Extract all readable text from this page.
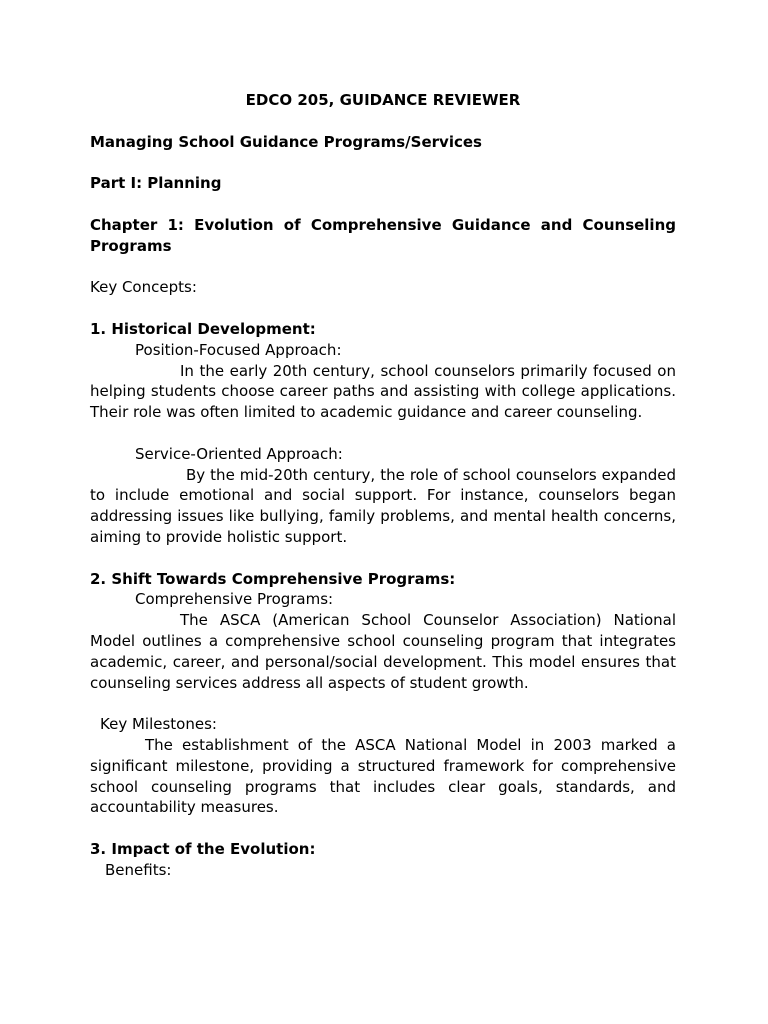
EDCO 205, GUIDANCE REVIEWER

Managing School Guidance Programs/Services

Part I: Planning

Chapter 1: Evolution of Comprehensive Guidance and Counseling Programs

Key Concepts:

1. Historical Development:

Position-Focused Approach:

In the early 20th century, school counselors primarily focused on helping students choose career paths and assisting with college applications. Their role was often limited to academic guidance and career counseling.

Service-Oriented Approach:

By the mid-20th century, the role of school counselors expanded to include emotional and social support. For instance, counselors began addressing issues like bullying, family problems, and mental health concerns, aiming to provide holistic support.

2. Shift Towards Comprehensive Programs:

Comprehensive Programs:

The ASCA (American School Counselor Association) National Model outlines a comprehensive school counseling program that integrates academic, career, and personal/social development. This model ensures that counseling services address all aspects of student growth.

Key Milestones:

The establishment of the ASCA National Model in 2003 marked a significant milestone, providing a structured framework for comprehensive school counseling programs that includes clear goals, standards, and accountability measures.

3. Impact of the Evolution:

Benefits:
